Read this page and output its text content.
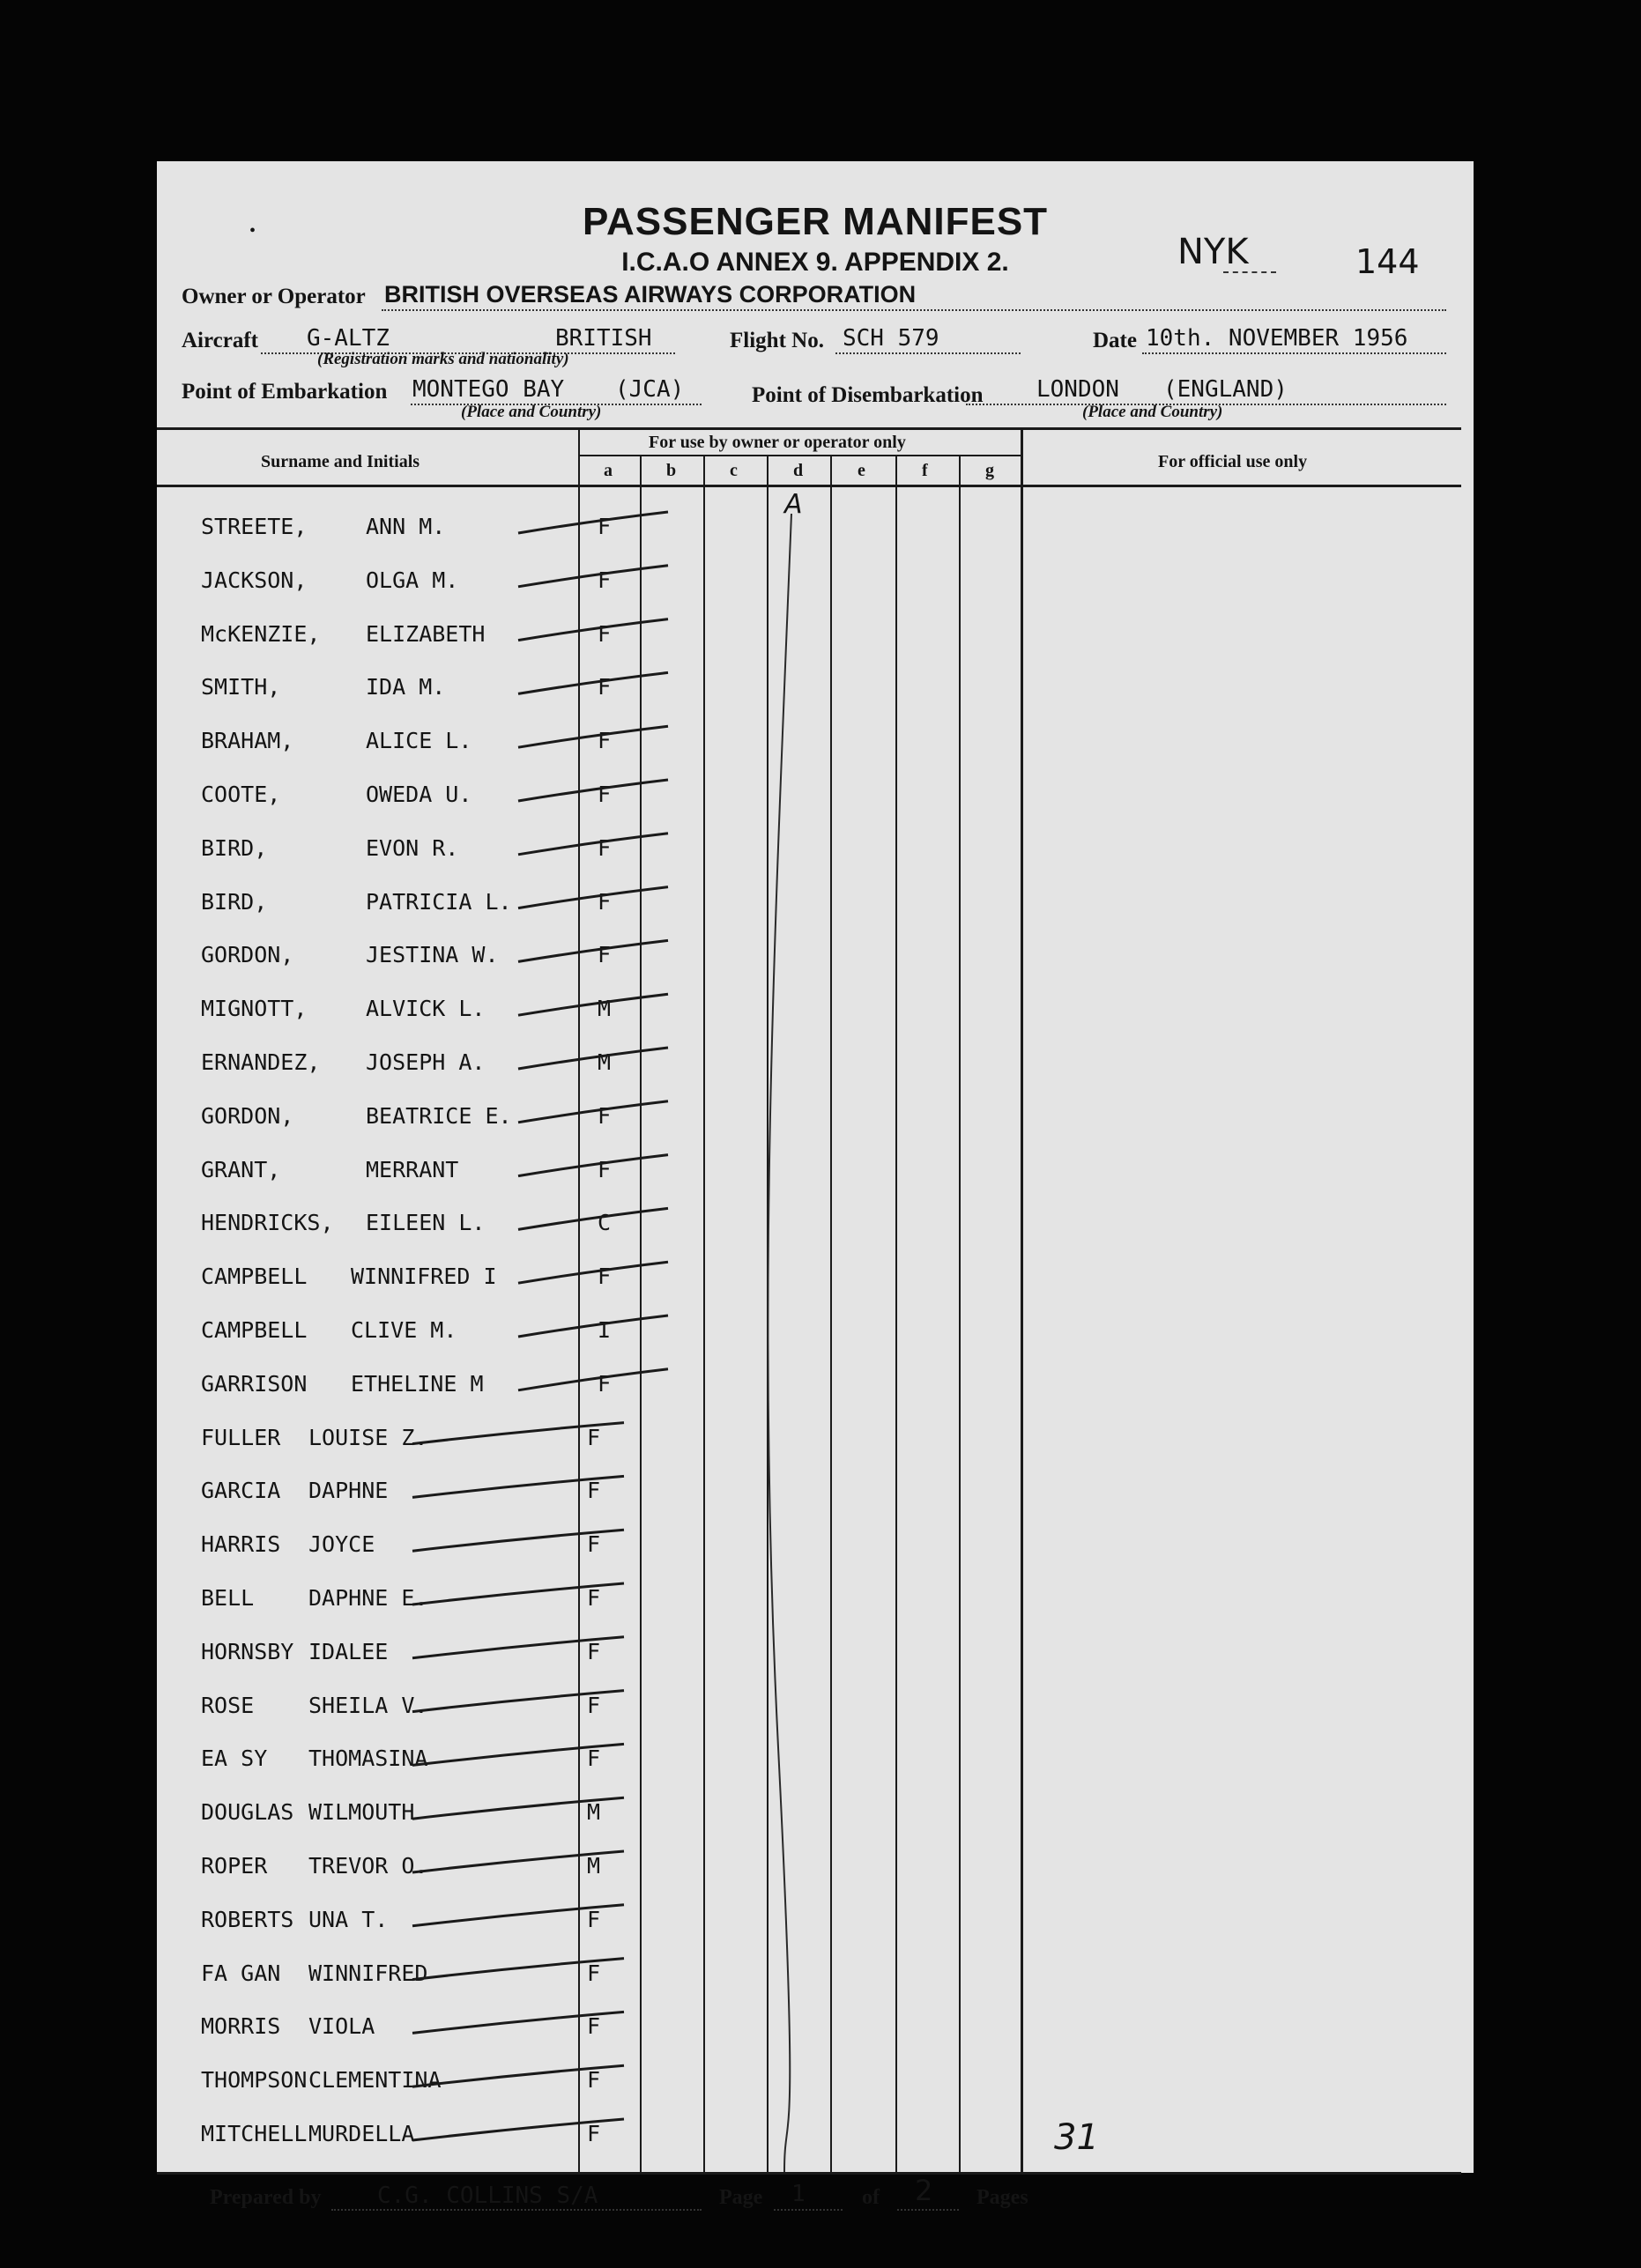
•	PASSENGER MANIFEST
I.C.A.O ANNEX 9. APPENDIX 2.	NYK	144
Owner or Operator BRITISH OVERSEAS AIRWAYS CORPORATION
Aircraft G-ALTZ	BRITISH
(Registration marks and nationality)
Flight No. SCH 579	Date 10th. NOVEMBER 1956
Point of Embarkation MONTEGO BAY (JCA)
(Place and Country)
Point of Disembarkation LONDON (ENGLAND)
(Place and Country)
Surname and Initials
For use by owner or operator only
For official use only
a	b	c	d	e	f	g
A
STREETE,	ANN M.	F
JACKSON,	OLGA M.	F
McKENZIE, ELIZABETH	F
SMITH,	IDA M.	F
BRAHAM,	ALICE L.	F
COOTE,	OWEDA U.	F
BIRD,	EVON R.	F
BIRD,	PATRICIA L.	F
GORDON,	JESTINA W.	F
MIGNOTT,	ALVICK L.	M
ERNANDEZ, JOSEPH A.	M
GORDON,	BEATRICE E.	F
GRANT,	MERRANT	F
HENDRICKS, EILEEN L.	C
CAMPBELL WINNIFRED I	F
CAMPBELL CLIVE M.	I
GARRISON ETHELINE M	F
FULLER LOUISE Z.	F
GARCIA DAPHNE	F
HARRIS JOYCE	F
BELL DAPHNE E.	F
HORNSBY IDALEE	F
ROSE SHEILA V.	F
EA SY THOMASINA	F
DOUGLAS WILMOUTH	M
ROPER TREVOR O.	M
ROBERTS UNA T.	F
FA GAN WINNIFRED	F
MORRIS VIOLA	F
THOMPSON CLEMENTINA	F
MITCHELL MURDELLA	F	31
Prepared by C.G. COLLINS S/A	Page 1	of 2 Pages
